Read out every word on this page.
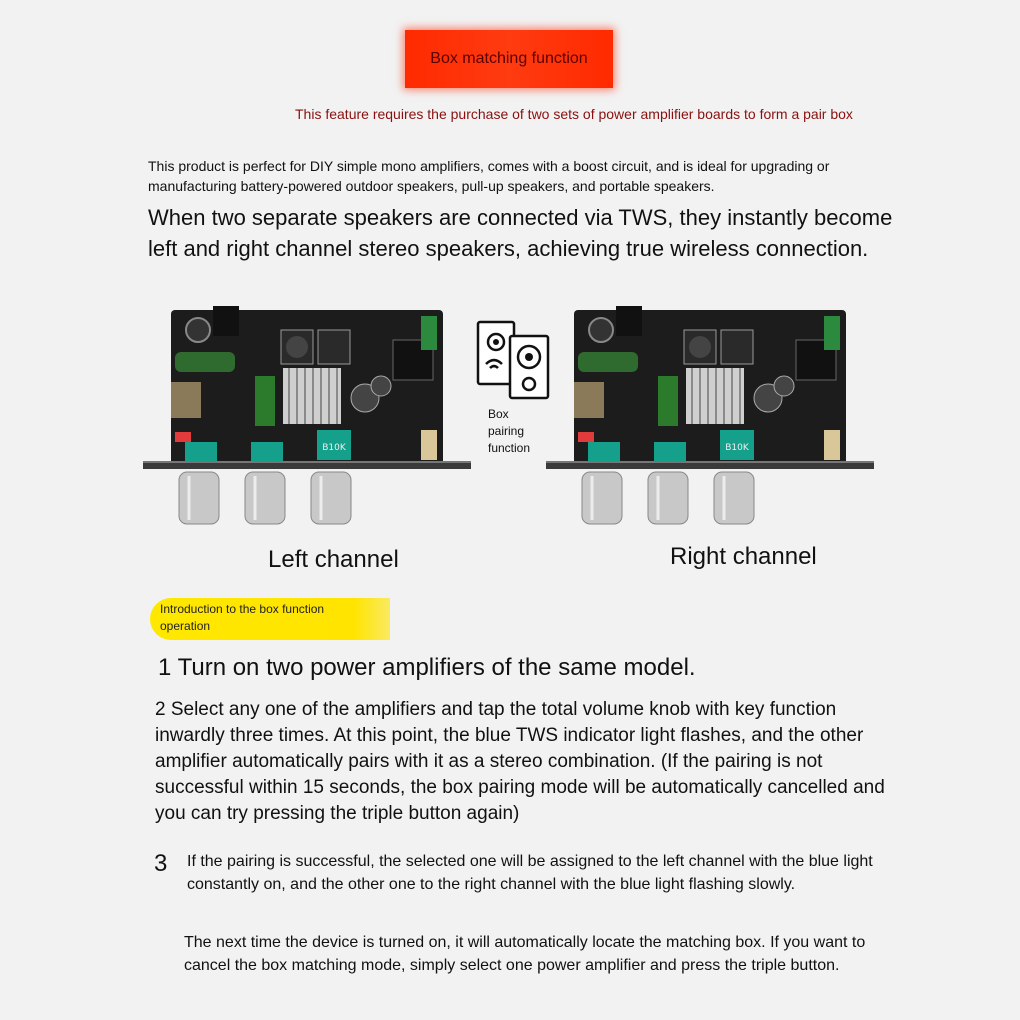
Box matching function
This feature requires the purchase of two sets of power amplifier boards to form a pair box
This product is perfect for DIY simple mono amplifiers, comes with a boost circuit, and is ideal for upgrading or manufacturing battery-powered outdoor speakers, pull-up speakers, and portable speakers.
When two separate speakers are connected via TWS, they instantly become left and right channel stereo speakers, achieving true wireless connection.
B10K	B10K
Left channel	Right channel
Box
pairing
function
Introduction to the box function
operation
1 Turn on two power amplifiers of the same model.
2 Select any one of the amplifiers and tap the total volume knob with key function inwardly three times. At this point, the blue TWS indicator light flashes, and the other amplifier automatically pairs with it as a stereo combination. (If the pairing is not successful within 15 seconds, the box pairing mode will be automatically cancelled and you can try pressing the triple button again)
3 If the pairing is successful, the selected one will be assigned to the left channel with the blue light constantly on, and the other one to the right channel with the blue light flashing slowly.
The next time the device is turned on, it will automatically locate the matching box. If you want to cancel the box matching mode, simply select one power amplifier and press the triple button.
